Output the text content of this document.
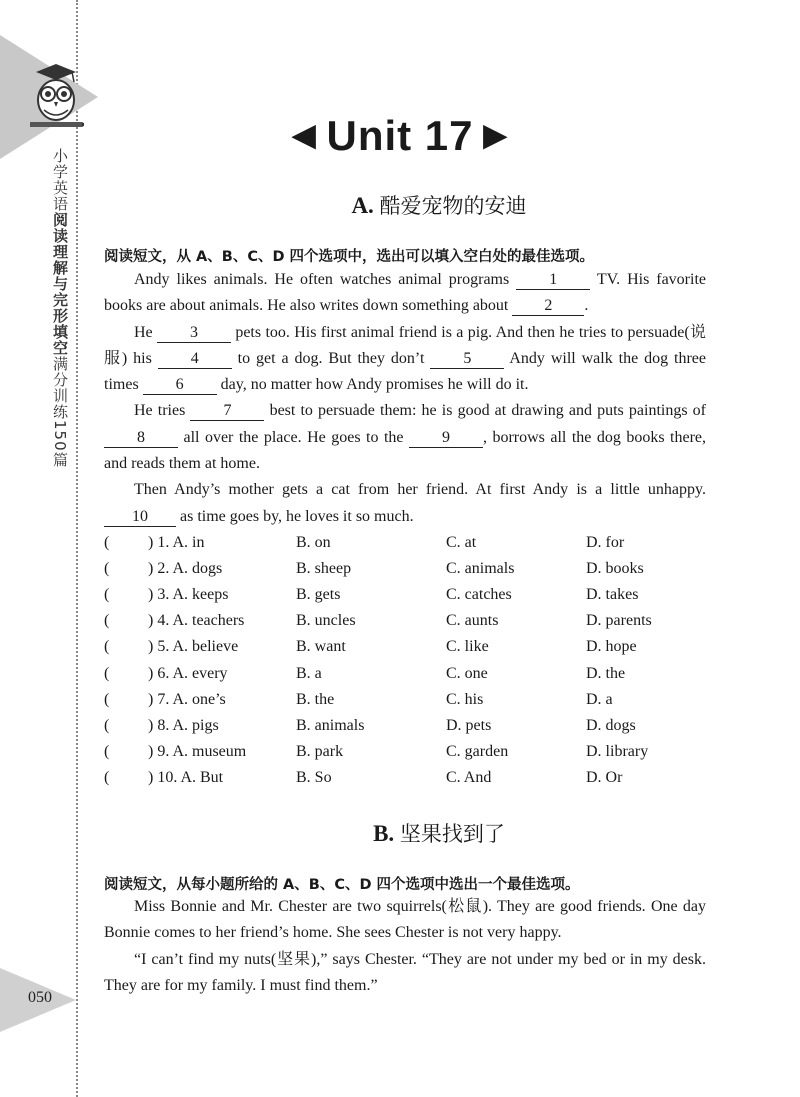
小学英语阅读理解与完形填空满分训练150篇
050
◀ Unit 17 ▶
A. 酷爱宠物的安迪
阅读短文，从 A、B、C、D 四个选项中，选出可以填入空白处的最佳选项。

Andy likes animals. He often watches animal programs 1 TV. His favorite books are about animals. He also writes down something about 2 .

He 3 pets too. His first animal friend is a pig. And then he tries to persuade(说服) his 4 to get a dog. But they don’t 5 Andy will walk the dog three times 6 day, no matter how Andy promises he will do it.

He tries 7 best to persuade them: he is good at drawing and puts paintings of 8 all over the place. He goes to the 9 , borrows all the dog books there, and reads them at home.

Then Andy’s mother gets a cat from her friend. At first Andy is a little unhappy. 10 as time goes by, he loves it so much.

(	) 1. A. in	B. on	C. at	D. for
(	) 2. A. dogs	B. sheep	C. animals	D. books
(	) 3. A. keeps	B. gets	C. catches	D. takes
(	) 4. A. teachers	B. uncles	C. aunts	D. parents
(	) 5. A. believe	B. want	C. like	D. hope
(	) 6. A. every	B. a	C. one	D. the
(	) 7. A. one’s	B. the	C. his	D. a
(	) 8. A. pigs	B. animals	D. pets	D. dogs
(	) 9. A. museum	B. park	C. garden	D. library
(	) 10. A. But	B. So	C. And	D. Or
B. 坚果找到了
阅读短文，从每小题所给的 A、B、C、D 四个选项中选出一个最佳选项。

Miss Bonnie and Mr. Chester are two squirrels(松鼠). They are good friends. One day Bonnie comes to her friend’s home. She sees Chester is not very happy.

“I can’t find my nuts(坚果),” says Chester. “They are not under my bed or in my desk. They are for my family. I must find them.”
